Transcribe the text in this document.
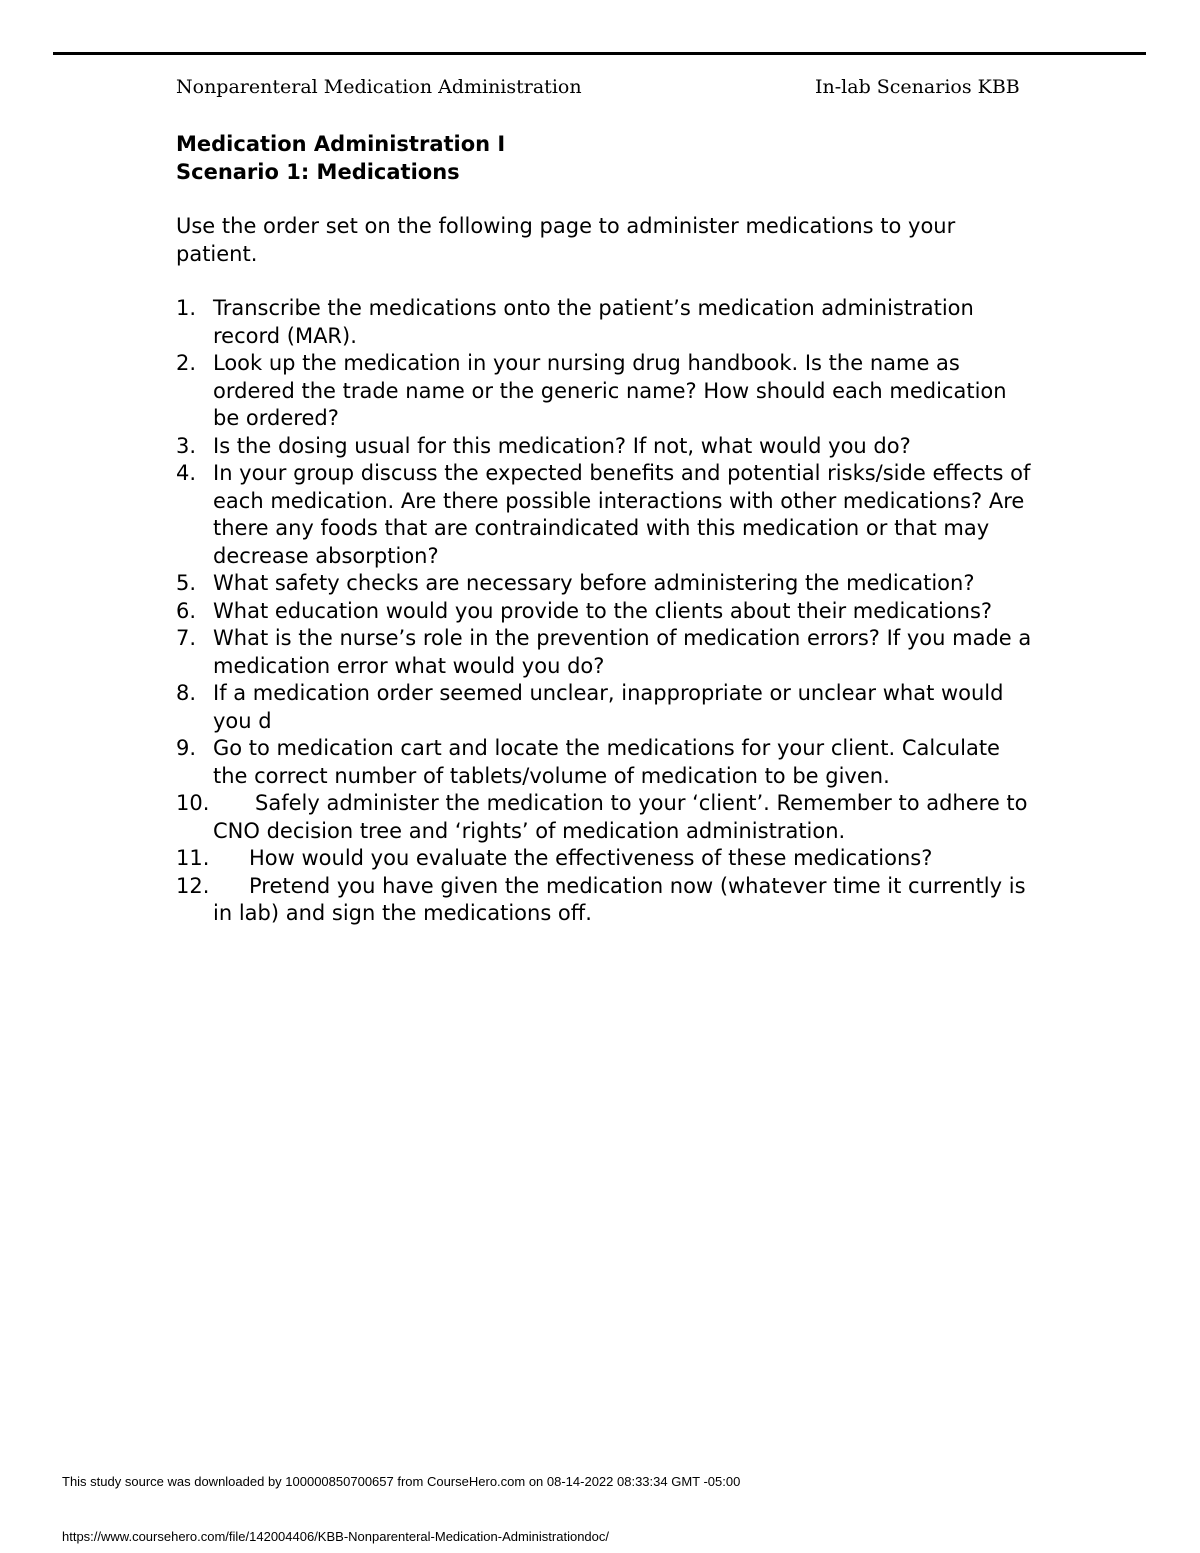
Nonparenteral Medication Administration	In-lab Scenarios KBB
Medication Administration I
Scenario 1: Medications
Use the order set on the following page to administer medications to your patient.
1. Transcribe the medications onto the patient’s medication administration record (MAR).
2. Look up the medication in your nursing drug handbook. Is the name as ordered the trade name or the generic name? How should each medication be ordered?
3. Is the dosing usual for this medication? If not, what would you do?
4. In your group discuss the expected benefits and potential risks/side effects of each medication. Are there possible interactions with other medications? Are there any foods that are contraindicated with this medication or that may decrease absorption?
5. What safety checks are necessary before administering the medication?
6. What education would you provide to the clients about their medications?
7. What is the nurse’s role in the prevention of medication errors? If you made a medication error what would you do?
8. If a medication order seemed unclear, inappropriate or unclear what would you d
9. Go to medication cart and locate the medications for your client. Calculate the correct number of tablets/volume of medication to be given.
10. Safely administer the medication to your ‘client’. Remember to adhere to CNO decision tree and ‘rights’ of medication administration.
11. How would you evaluate the effectiveness of these medications?
12. Pretend you have given the medication now (whatever time it currently is in lab) and sign the medications off.
This study source was downloaded by 100000850700657 from CourseHero.com on 08-14-2022 08:33:34 GMT -05:00
https://www.coursehero.com/file/142004406/KBB-Nonparenteral-Medication-Administrationdoc/
